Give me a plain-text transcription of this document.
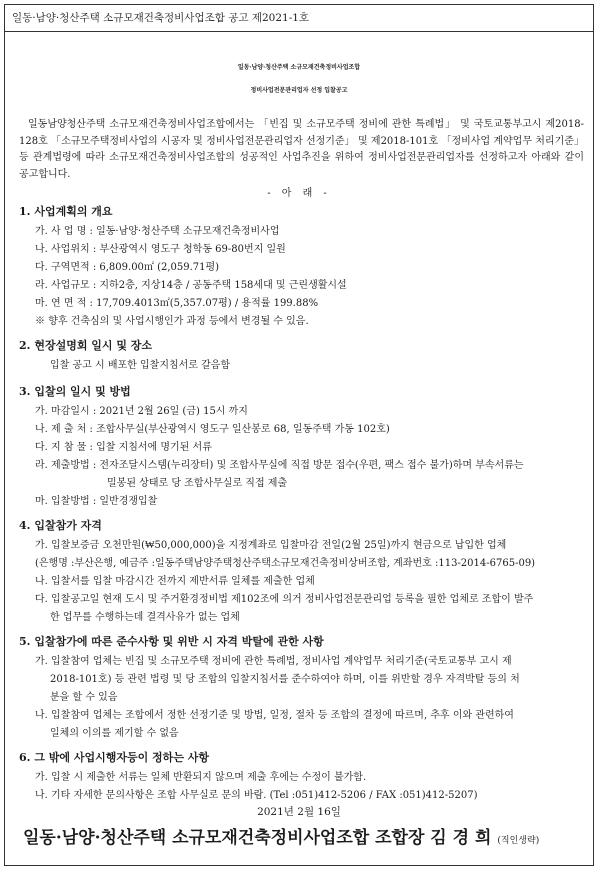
일동·남양·청산주택 소규모재건축정비사업조합 공고 제2021-1호
일동·남양·청산주택 소규모재건축정비사업조합
정비사업전문관리업자 선정 입찰공고
일동남양청산주택 소규모재건축정비사업조합에서는 「빈집 및 소규모주택 정비에 관한 특례법」 및 국토교통부고시 제2018-128호 「소규모주택정비사업의 시공자 및 정비사업전문관리업자 선정기준」 및 제2018-101호 「정비사업 계약업무 처리기준」 등 관계법령에 따라 소규모재건축정비사업조합의 성공적인 사업추진을 위하여 정비사업전문관리업자를 선정하고자 아래와 같이 공고합니다.
- 아 래 -
1. 사업계획의 개요
가. 사 업 명 : 일동·남양·청산주택 소규모재건축정비사업
나. 사업위치 : 부산광역시 영도구 청학동 69-80번지 일원
다. 구역면적 : 6,809.00㎡ (2,059.71평)
라. 사업규모 : 지하2층, 지상14층 / 공동주택 158세대 및 근린생활시설
마. 연 면 적 : 17,709.4013㎡(5,357.07평) / 용적률 199.88%
※ 향후 건축심의 및 사업시행인가 과정 등에서 변경될 수 있음.
2. 현장설명회 일시 및 장소
입찰 공고 시 배포한 입찰지침서로 갈음함
3. 입찰의 일시 및 방법
가. 마감일시 : 2021년 2월 26일 (금) 15시 까지
나. 제 출 처 : 조합사무실(부산광역시 영도구 일산봉로 68, 일동주택 가동 102호)
다. 지 참 물 : 입찰 지침서에 명기된 서류
라. 제출방법 : 전자조달시스템(누리장터) 및 조합사무실에 직접 방문 접수(우편, 팩스 접수 불가)하며 부속서류는
밀봉된 상태로 당 조합사무실로 직접 제출
마. 입찰방법 : 일반경쟁입찰
4. 입찰참가 자격
가. 입찰보증금 오천만원(₩50,000,000)을 지정계좌로 입찰마감 전일(2월 25일)까지 현금으로 납입한 업체
(은행명 :부산은행, 예금주 :일동주택남양주택청산주택소규모재건축정비상버조합, 계좌번호 :113-2014-6765-09)
나. 입찰서를 입찰 마감시간 전까지 제반서류 일체를 제출한 업체
다. 입찰공고일 현재 도시 및 주거환경정비법 제102조에 의거 정비사업전문관리업 등록을 필한 업체로 조합이 발주
한 업무를 수행하는데 결격사유가 없는 업체
5. 입찰참가에 따른 준수사항 및 위반 시 자격 박탈에 관한 사항
가. 입찰참여 업체는 빈집 및 소규모주택 정비에 관한 특례법, 정비사업 계약업무 처리기준(국토교통부 고시 제
2018-101호) 등 관련 법령 및 당 조합의 입찰지침서를 준수하여야 하며, 이를 위반할 경우 자격박탈 등의 처
분을 할 수 있음
나. 입찰참여 업체는 조합에서 정한 선정기준 및 방법, 일정, 절차 등 조합의 결정에 따르며, 추후 이와 관련하여
일체의 이의를 제기할 수 없음
6. 그 밖에 사업시행자등이 정하는 사항
가. 입찰 시 제출한 서류는 일체 반환되지 않으며 제출 후에는 수정이 불가함.
나. 기타 자세한 문의사항은 조합 사무실로 문의 바람. (Tel :051)412-5206 / FAX :051)412-5207)
2021년 2월 16일
일동·남양·청산주택 소규모재건축정비사업조합 조합장 김 경 희 (직인생략)
